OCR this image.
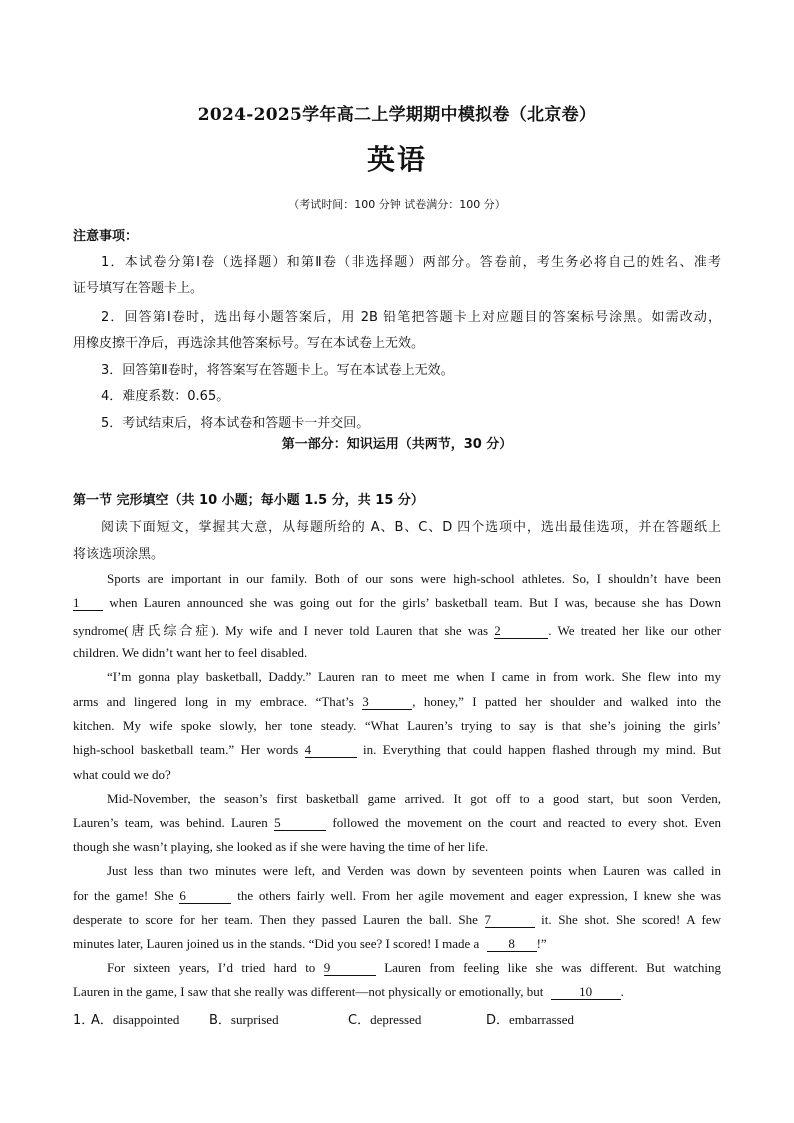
2024-2025学年高二上学期期中模拟卷（北京卷）
英语
（考试时间：100 分钟 试卷满分：100 分）
注意事项：
1．本试卷分第Ⅰ卷（选择题）和第Ⅱ卷（非选择题）两部分。答卷前，考生务必将自己的姓名、准考
证号填写在答题卡上。
2．回答第Ⅰ卷时，选出每小题答案后，用 2B 铅笔把答题卡上对应题目的答案标号涂黑。如需改动，
用橡皮擦干净后，再选涂其他答案标号。写在本试卷上无效。
3．回答第Ⅱ卷时，将答案写在答题卡上。写在本试卷上无效。
4．难度系数：0.65。
5．考试结束后，将本试卷和答题卡一并交回。
第一部分：知识运用（共两节，30 分）
第一节 完形填空（共 10 小题；每小题 1.5 分，共 15 分）
阅读下面短文，掌握其大意，从每题所给的 A、B、C、D 四个选项中，选出最佳选项，并在答题纸上
将该选项涂黑。
Sports are important in our family. Both of our sons were high-school athletes. So, I shouldn’t have been
1 when Lauren announced she was going out for the girls’ basketball team. But I was, because she has Down
syndrome(唐氏综合症). My wife and I never told Lauren that she was 2	. We treated her like our other
children. We didn’t want her to feel disabled.
“I’m gonna play basketball, Daddy.” Lauren ran to meet me when I came in from work. She flew into my
arms and lingered long in my embrace. “That’s 3	, honey,” I patted her shoulder and walked into the
kitchen. My wife spoke slowly, her tone steady. “What Lauren’s trying to say is that she’s joining the girls’
high-school basketball team.” Her words 4	in. Everything that could happen flashed through my mind. But
what could we do?
Mid-November, the season’s first basketball game arrived. It got off to a good start, but soon Verden,
Lauren’s team, was behind. Lauren 5	followed the movement on the court and reacted to every shot. Even
though she wasn’t playing, she looked as if she were having the time of her life.
Just less than two minutes were left, and Verden was down by seventeen points when Lauren was called in
for the game! She 6	the others fairly well. From her agile movement and eager expression, I knew she was
desperate to score for her team. Then they passed Lauren the ball. She 7	it. She shot. She scored! A few
minutes later, Lauren joined us in the stands. “Did you see? I scored! I made a 8 !”
For sixteen years, I’d tried hard to 9	Lauren from feeling like she was different. But watching
Lauren in the game, I saw that she really was different—not physically or emotionally, but	10 .
1．
A．disappointed B．surprised	C．depressed	D．embarrassed
